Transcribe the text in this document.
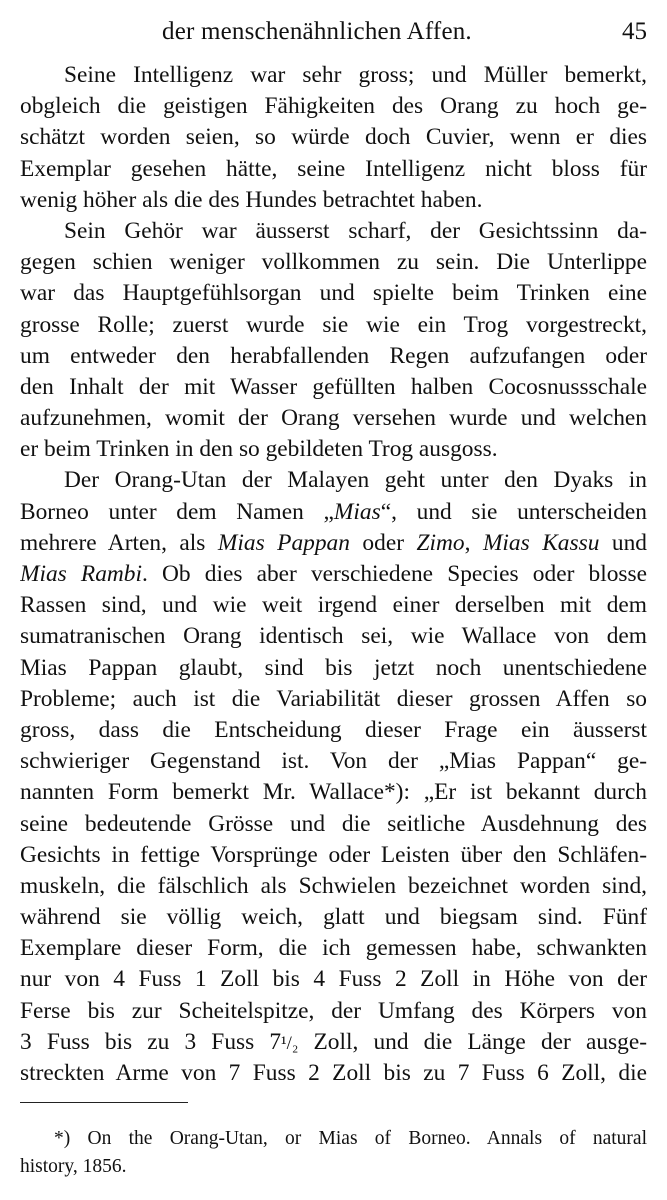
der menschenähnlichen Affen.	45
Seine Intelligenz war sehr gross; und Müller bemerkt,
obgleich die geistigen Fähigkeiten des Orang zu hoch ge-
schätzt worden seien, so würde doch Cuvier, wenn er dies
Exemplar gesehen hätte, seine Intelligenz nicht bloss für
wenig höher als die des Hundes betrachtet haben.
Sein Gehör war äusserst scharf, der Gesichtssinn da-
gegen schien weniger vollkommen zu sein. Die Unterlippe
war das Hauptgefühlsorgan und spielte beim Trinken eine
grosse Rolle; zuerst wurde sie wie ein Trog vorgestreckt,
um entweder den herabfallenden Regen aufzufangen oder
den Inhalt der mit Wasser gefüllten halben Cocosnussschale
aufzunehmen, womit der Orang versehen wurde und welchen
er beim Trinken in den so gebildeten Trog ausgoss.
Der Orang-Utan der Malayen geht unter den Dyaks in
Borneo unter dem Namen „Mias“, und sie unterscheiden
mehrere Arten, als Mias Pappan oder Zimo, Mias Kassu und
Mias Rambi. Ob dies aber verschiedene Species oder blosse
Rassen sind, und wie weit irgend einer derselben mit dem
sumatranischen Orang identisch sei, wie Wallace von dem
Mias Pappan glaubt, sind bis jetzt noch unentschiedene
Probleme; auch ist die Variabilität dieser grossen Affen so
gross, dass die Entscheidung dieser Frage ein äusserst
schwieriger Gegenstand ist. Von der „Mias Pappan“ ge-
nannten Form bemerkt Mr. Wallace*): „Er ist bekannt durch
seine bedeutende Grösse und die seitliche Ausdehnung des
Gesichts in fettige Vorsprünge oder Leisten über den Schläfen-
muskeln, die fälschlich als Schwielen bezeichnet worden sind,
während sie völlig weich, glatt und biegsam sind. Fünf
Exemplare dieser Form, die ich gemessen habe, schwankten
nur von 4 Fuss 1 Zoll bis 4 Fuss 2 Zoll in Höhe von der
Ferse bis zur Scheitelspitze, der Umfang des Körpers von
3 Fuss bis zu 3 Fuss 7¹/₂ Zoll, und die Länge der ausge-
streckten Arme von 7 Fuss 2 Zoll bis zu 7 Fuss 6 Zoll, die
*) On the Orang-Utan, or Mias of Borneo. Annals of natural
history, 1856.
